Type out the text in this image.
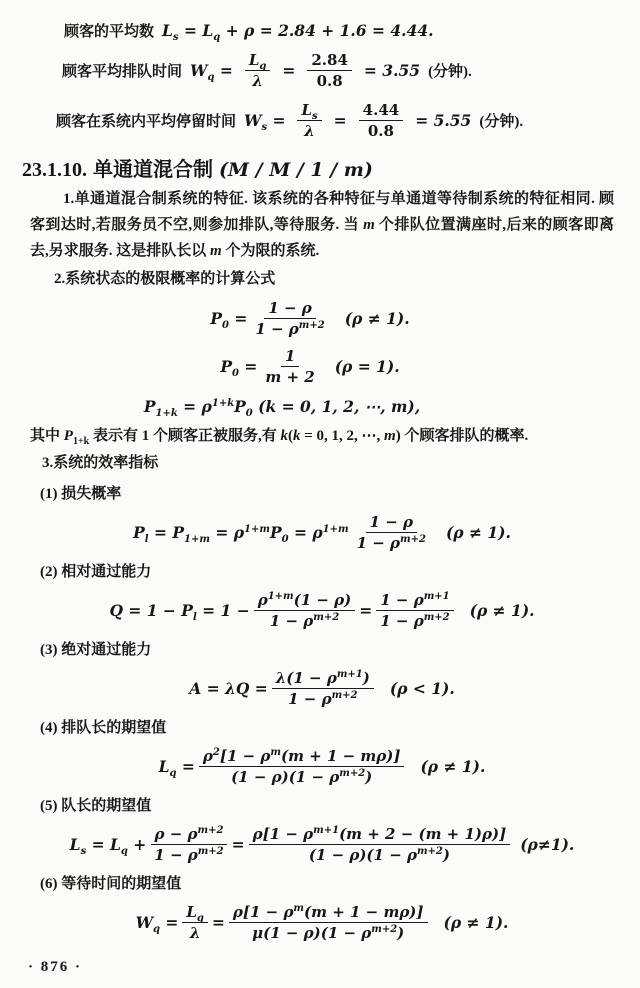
顾客的平均数 $L_s = L_q + \rho = 2.84 + 1.6 = 4.44$.
顾客平均排队时间 $W_q = \frac{L_q}{\lambda} = \frac{2.84}{0.8} = 3.55$ (分钟).
顾客在系统内平均停留时间 $W_s = \frac{L_s}{\lambda} = \frac{4.44}{0.8} = 5.55$ (分钟).
23.1.10. 单通道混合制 (M / M / 1 / m)

1.单通道混合制系统的特征. 该系统的各种特征与单通道等待制系统的特征相同. 顾客到达时,若服务员不空,则参加排队,等待服务. 当 m 个排队位置满座时,后来的顾客即离去,另求服务. 这是排队长以 m 个为限的系统.

2.系统状态的极限概率的计算公式

$P_0 = \frac{1 - \rho}{1 - \rho^{m+2}} (\rho \ne 1)$.
$P_0 = \frac{1}{m + 2} (\rho = 1)$.
$P_{1+k} = \rho^{1+k}P_0$ (k = 0, 1, 2, ⋯, m),

其中 $P_{1+k}$ 表示有 1 个顾客正被服务,有 k(k = 0, 1, 2, ⋯, m) 个顾客排队的概率.

3.系统的效率指标

(1) 损失概率

$P_l = P_{1+m} = \rho^{1+m}P_0 = \rho^{1+m} \frac{1 - \rho}{1 - \rho^{m+2}} (\rho \ne 1)$.

(2) 相对通过能力

$Q = 1 - P_l = 1 - \frac{\rho^{1+m}(1 - \rho)}{1 - \rho^{m+2}} = \frac{1 - \rho^{m+1}}{1 - \rho^{m+2}} (\rho \ne 1)$.

(3) 绝对通过能力

$A = \lambda Q = \frac{\lambda(1 - \rho^{m+1})}{1 - \rho^{m+2}} (\rho < 1)$.

(4) 排队长的期望值

$L_q = \frac{\rho^2[1 - \rho^m(m + 1 - m\rho)]}{(1 - \rho)(1 - \rho^{m+2})} (\rho \ne 1)$.

(5) 队长的期望值

$L_s = L_q + \frac{\rho - \rho^{m+2}}{1 - \rho^{m+2}} = \frac{\rho[1 - \rho^{m+1}(m + 2 - (m + 1)\rho)]}{(1 - \rho)(1 - \rho^{m+2})} (\rho\ne 1)$.

(6) 等待时间的期望值

$W_q = \frac{L_q}{\lambda} = \frac{\rho[1 - \rho^m(m + 1 - m\rho)]}{\mu(1 - \rho)(1 - \rho^{m+2})} (\rho \ne 1)$.
· 876 ·
